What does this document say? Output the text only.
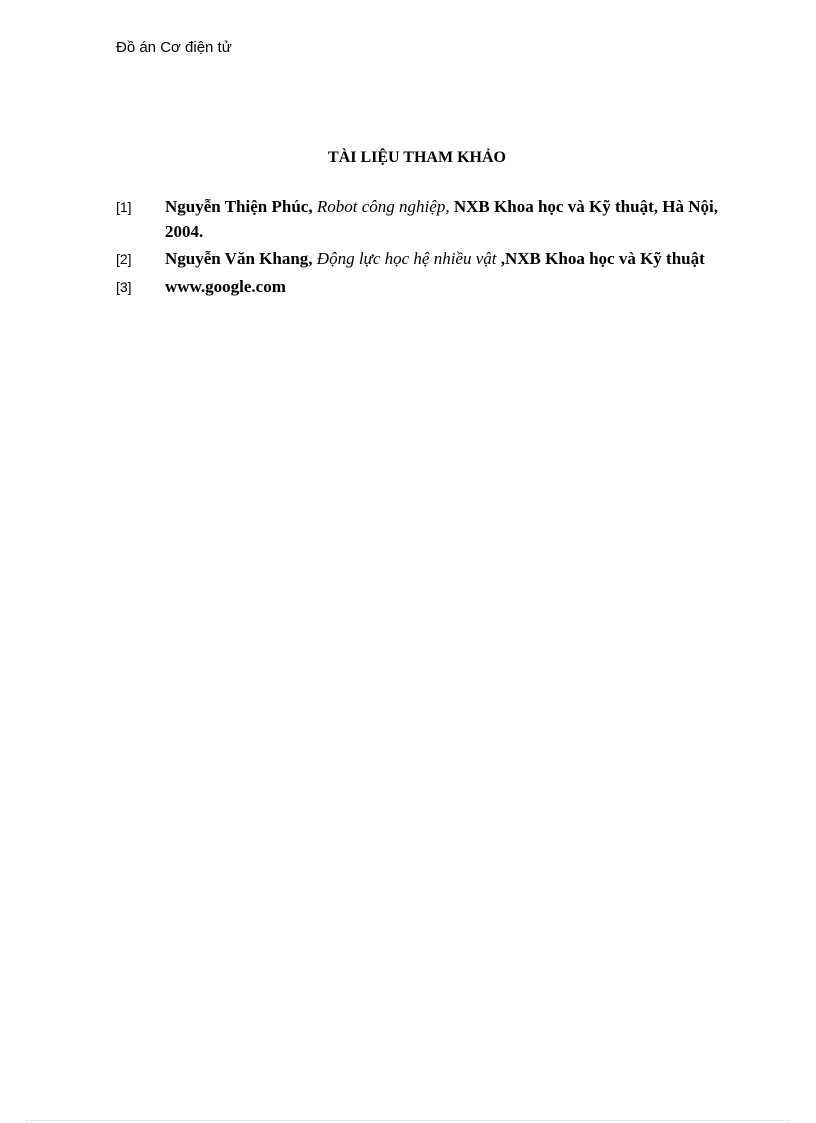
Đồ án Cơ điện tử
TÀI LIỆU THAM KHẢO
[1]	Nguyễn Thiện Phúc, Robot công nghiệp, NXB Khoa học và Kỹ thuật, Hà Nội, 2004.
[2]	Nguyễn Văn Khang, Động lực học hệ nhiều vật ,NXB Khoa học và Kỹ thuật
[3]	www.google.com
